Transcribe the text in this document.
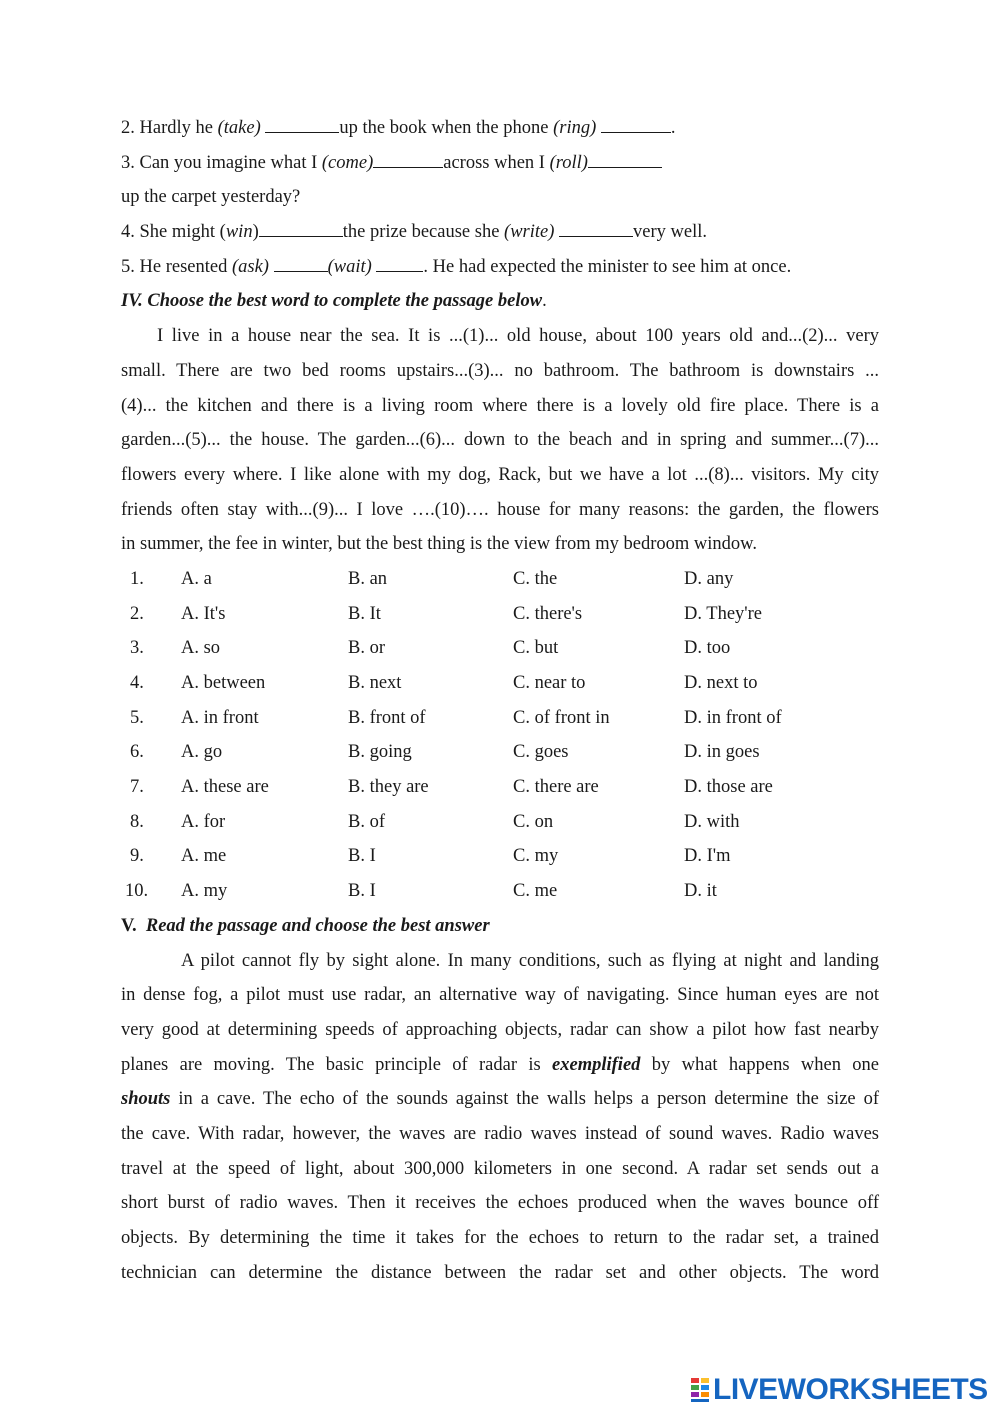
2. Hardly he (take)	up the book when the phone (ring)	.
3. Can you imagine what I (come)	across when I (roll)
up the carpet yesterday?
4. She might (win)	the prize because she (write)	very well.
5. He resented (ask)	(wait)	. He had expected the minister to see him at once.
IV. Choose the best word to complete the passage below.
I live in a house near the sea. It is ...(1)... old house, about 100 years old and...(2)... very
small. There are two bed rooms upstairs...(3)... no bathroom. The bathroom is downstairs ...
(4)... the kitchen and there is a living room where there is a lovely old fire place. There is a
garden...(5)... the house. The garden...(6)... down to the beach and in spring and summer...(7)...
flowers every where. I like alone with my dog, Rack, but we have a lot ...(8)... visitors. My city
friends often stay with...(9)... I love ….(10)…. house for many reasons: the garden, the flowers
in summer, the fee in winter, but the best thing is the view from my bedroom window.
1. A. a	B. an	C. the	D. any
2. A. It's	B. It	C. there's	D. They're
3. A. so	B. or	C. but	D. too
4. A. between	B. next	C. near to	D. next to
5. A. in front	B. front of	C. of front in	D. in front of
6. A. go	B. going	C. goes	D. in goes
7. A. these are	B. they are	C. there are	D. those are
8. A. for	B. of	C. on	D. with
9. A. me	B. I	C. my	D. I'm
10. A. my	B. I	C. me	D. it
V. Read the passage and choose the best answer
A pilot cannot fly by sight alone. In many conditions, such as flying at night and landing
in dense fog, a pilot must use radar, an alternative way of navigating. Since human eyes are not
very good at determining speeds of approaching objects, radar can show a pilot how fast nearby
planes are moving. The basic principle of radar is exemplified by what happens when one
shouts in a cave. The echo of the sounds against the walls helps a person determine the size of
the cave. With radar, however, the waves are radio waves instead of sound waves. Radio waves
travel at the speed of light, about 300,000 kilometers in one second. A radar set sends out a
short burst of radio waves. Then it receives the echoes produced when the waves bounce off
objects. By determining the time it takes for the echoes to return to the radar set, a trained
technician can determine the distance between the radar set and other objects. The word
LIVEWORKSHEETS
